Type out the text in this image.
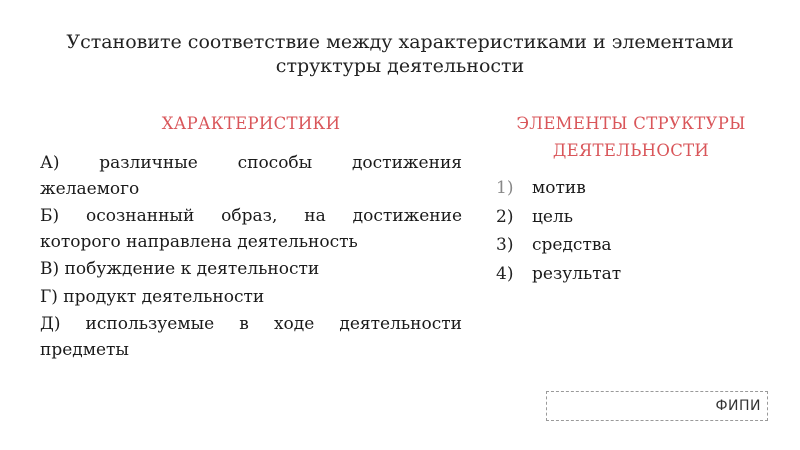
Установите соответствие между характеристиками и элементами структуры деятельности
ХАРАКТЕРИСТИКИ
А) различные способы достижения желаемого
Б) осознанный образ, на достижение которого направлена деятельность
В) побуждение к деятельности
Г) продукт деятельности
Д) используемые в ходе деятельности предметы
ЭЛЕМЕНТЫ СТРУКТУРЫ ДЕЯТЕЛЬНОСТИ
1)	мотив
2)	цель
3)	средства
4)	результат
ФИПИ
